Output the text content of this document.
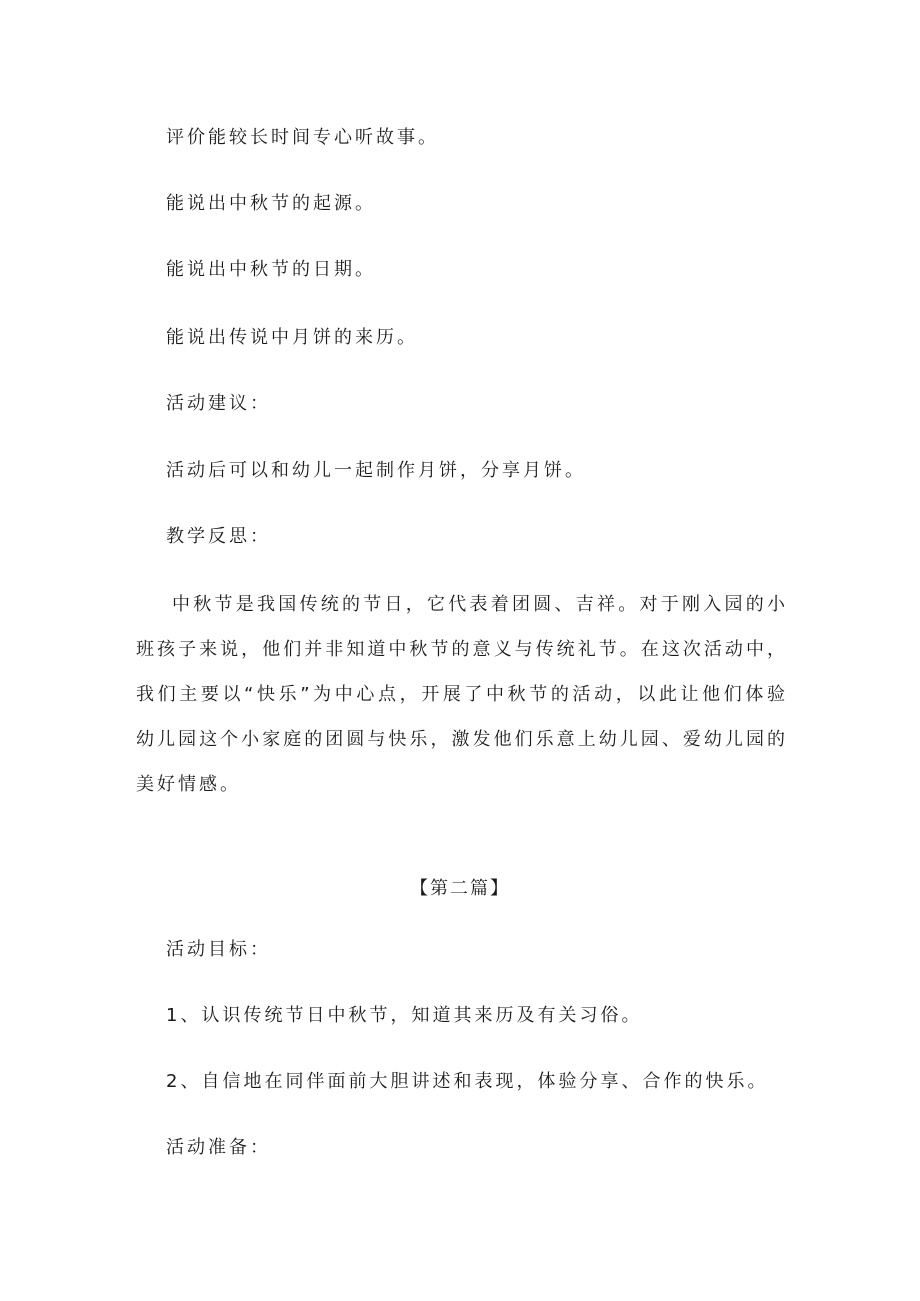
评价能较长时间专心听故事。
能说出中秋节的起源。
能说出中秋节的日期。
能说出传说中月饼的来历。
活动建议：
活动后可以和幼儿一起制作月饼，分享月饼。
教学反思：
中秋节是我国传统的节日，它代表着团圆、吉祥。对于刚入园的小班孩子来说，他们并非知道中秋节的意义与传统礼节。在这次活动中，我们主要以“快乐”为中心点，开展了中秋节的活动，以此让他们体验幼儿园这个小家庭的团圆与快乐，激发他们乐意上幼儿园、爱幼儿园的美好情感。
【第二篇】
活动目标：
1、认识传统节日中秋节，知道其来历及有关习俗。
2、自信地在同伴面前大胆讲述和表现，体验分享、合作的快乐。
活动准备：
